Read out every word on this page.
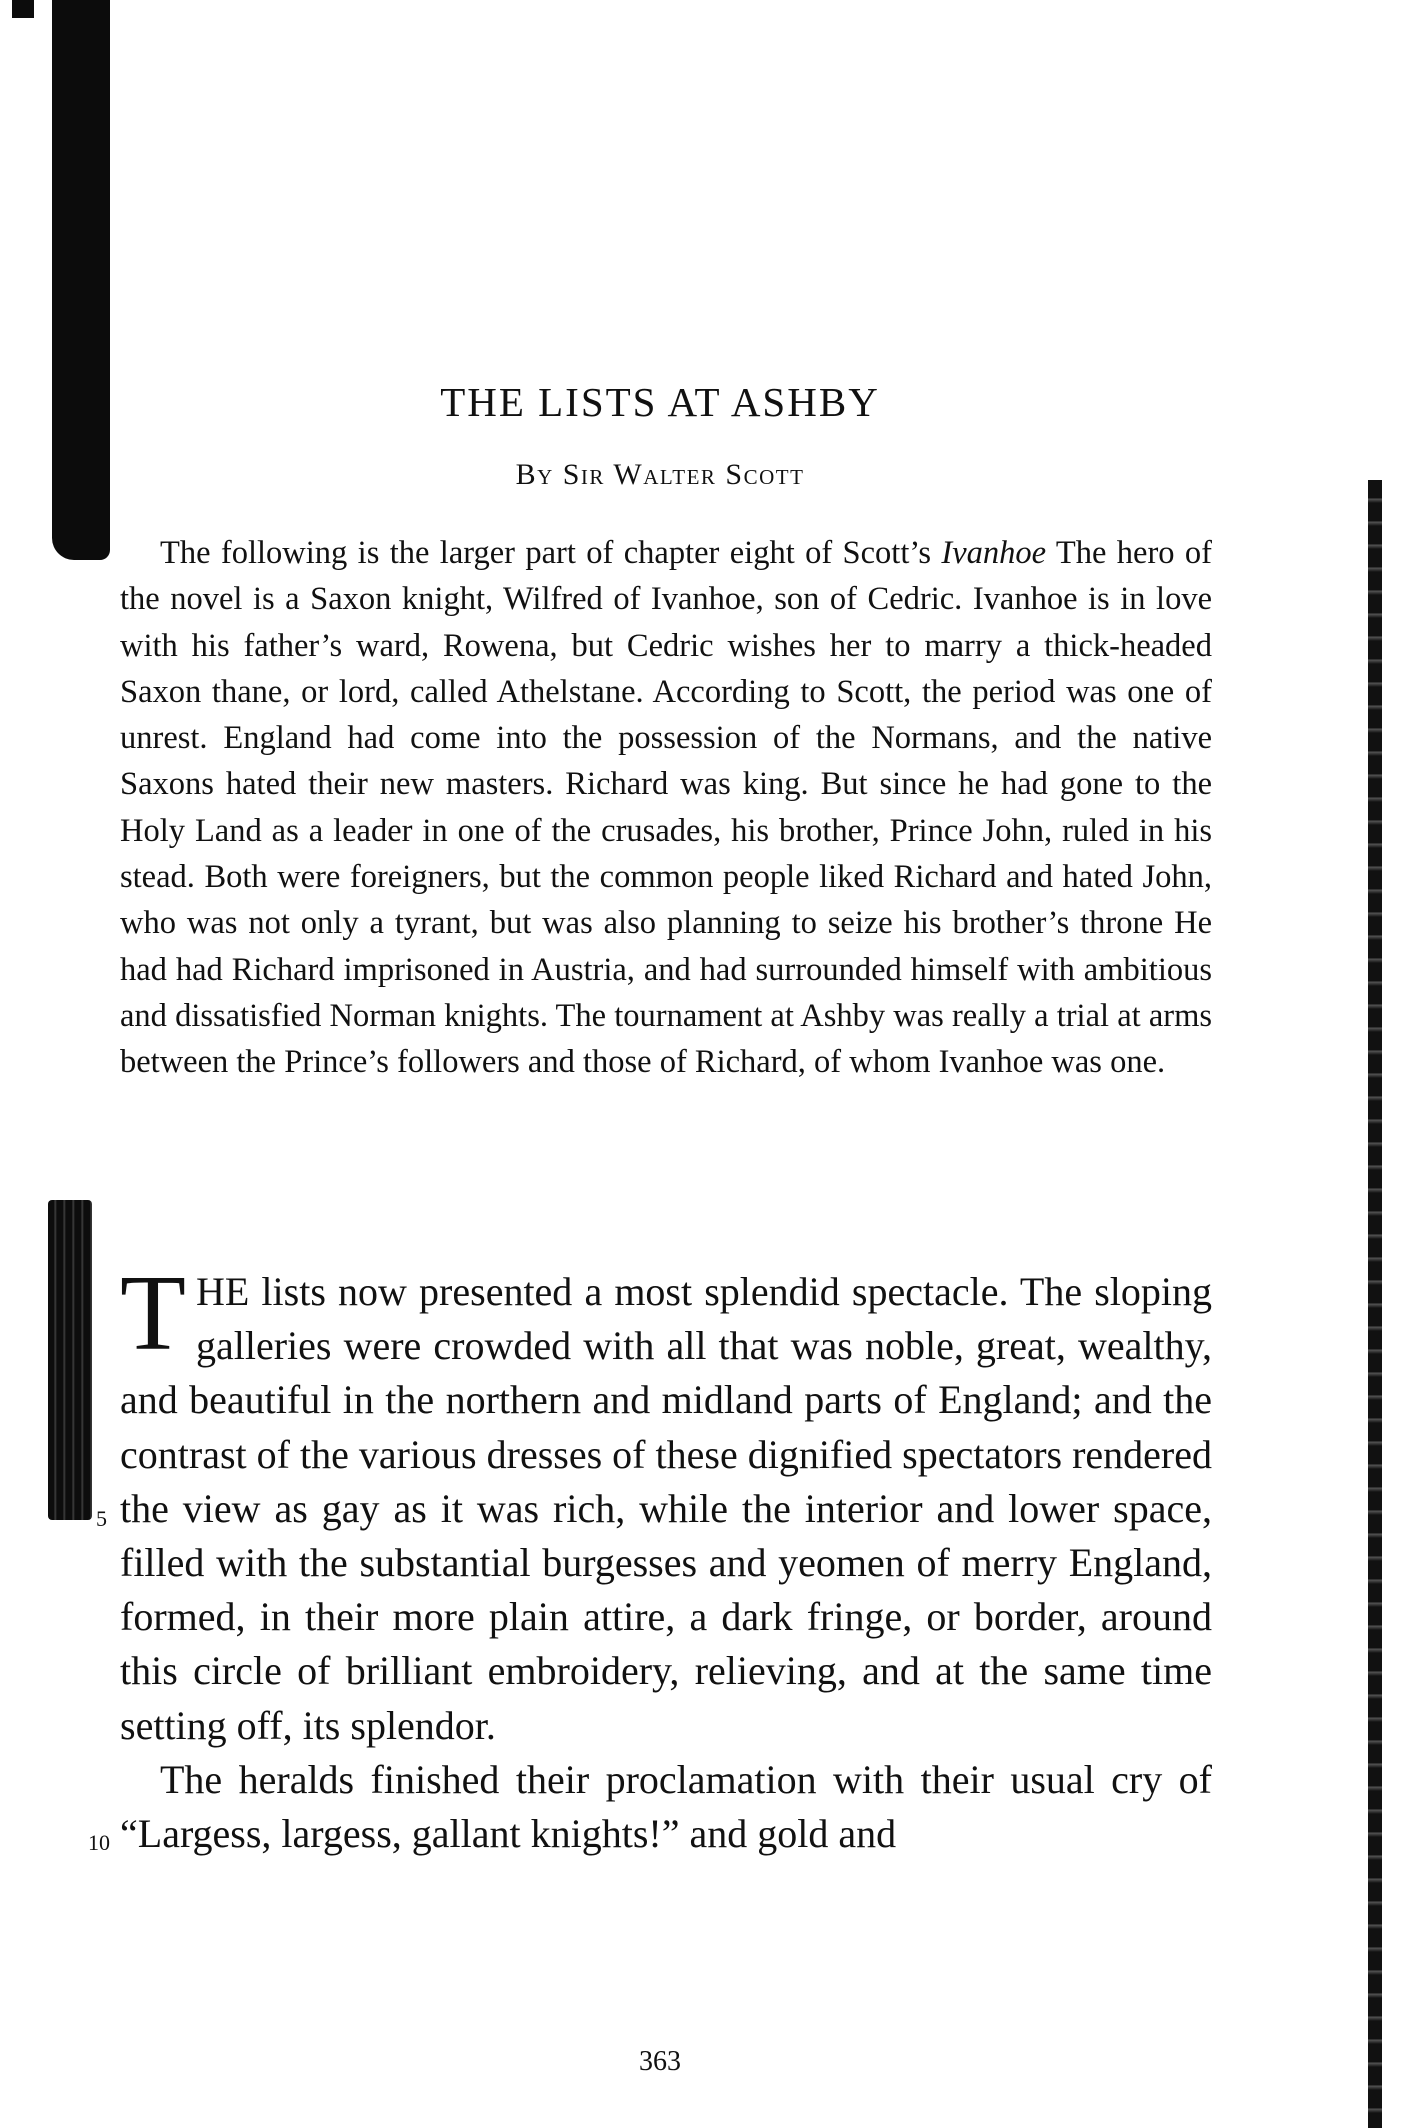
THE LISTS AT ASHBY
By Sir Walter Scott
The following is the larger part of chapter eight of Scott’s Ivanhoe The hero of the novel is a Saxon knight, Wilfred of Ivanhoe, son of Cedric. Ivanhoe is in love with his father’s ward, Rowena, but Cedric wishes her to marry a thick-headed Saxon thane, or lord, called Athelstane. According to Scott, the period was one of unrest. England had come into the possession of the Normans, and the native Saxons hated their new masters. Richard was king. But since he had gone to the Holy Land as a leader in one of the crusades, his brother, Prince John, ruled in his stead. Both were foreigners, but the common people liked Richard and hated John, who was not only a tyrant, but was also planning to seize his brother’s throne He had had Richard imprisoned in Austria, and had surrounded himself with ambitious and dissatisfied Norman knights. The tournament at Ashby was really a trial at arms between the Prince’s followers and those of Richard, of whom Ivanhoe was one.

THE lists now presented a most splendid spectacle. The sloping galleries were crowded with all that was noble, great, wealthy, and beautiful in the northern and midland parts of England; and the contrast of the various dresses of these dignified spectators rendered the view as gay as it was rich, while the interior and lower space, filled with the substantial burgesses and yeomen of merry England, formed, in their more plain attire, a dark fringe, or border, around this circle of brilliant embroidery, relieving, and at the same time setting off, its splendor.

The heralds finished their proclamation with their usual cry of “Largess, largess, gallant knights!” and gold and

5
10
363
